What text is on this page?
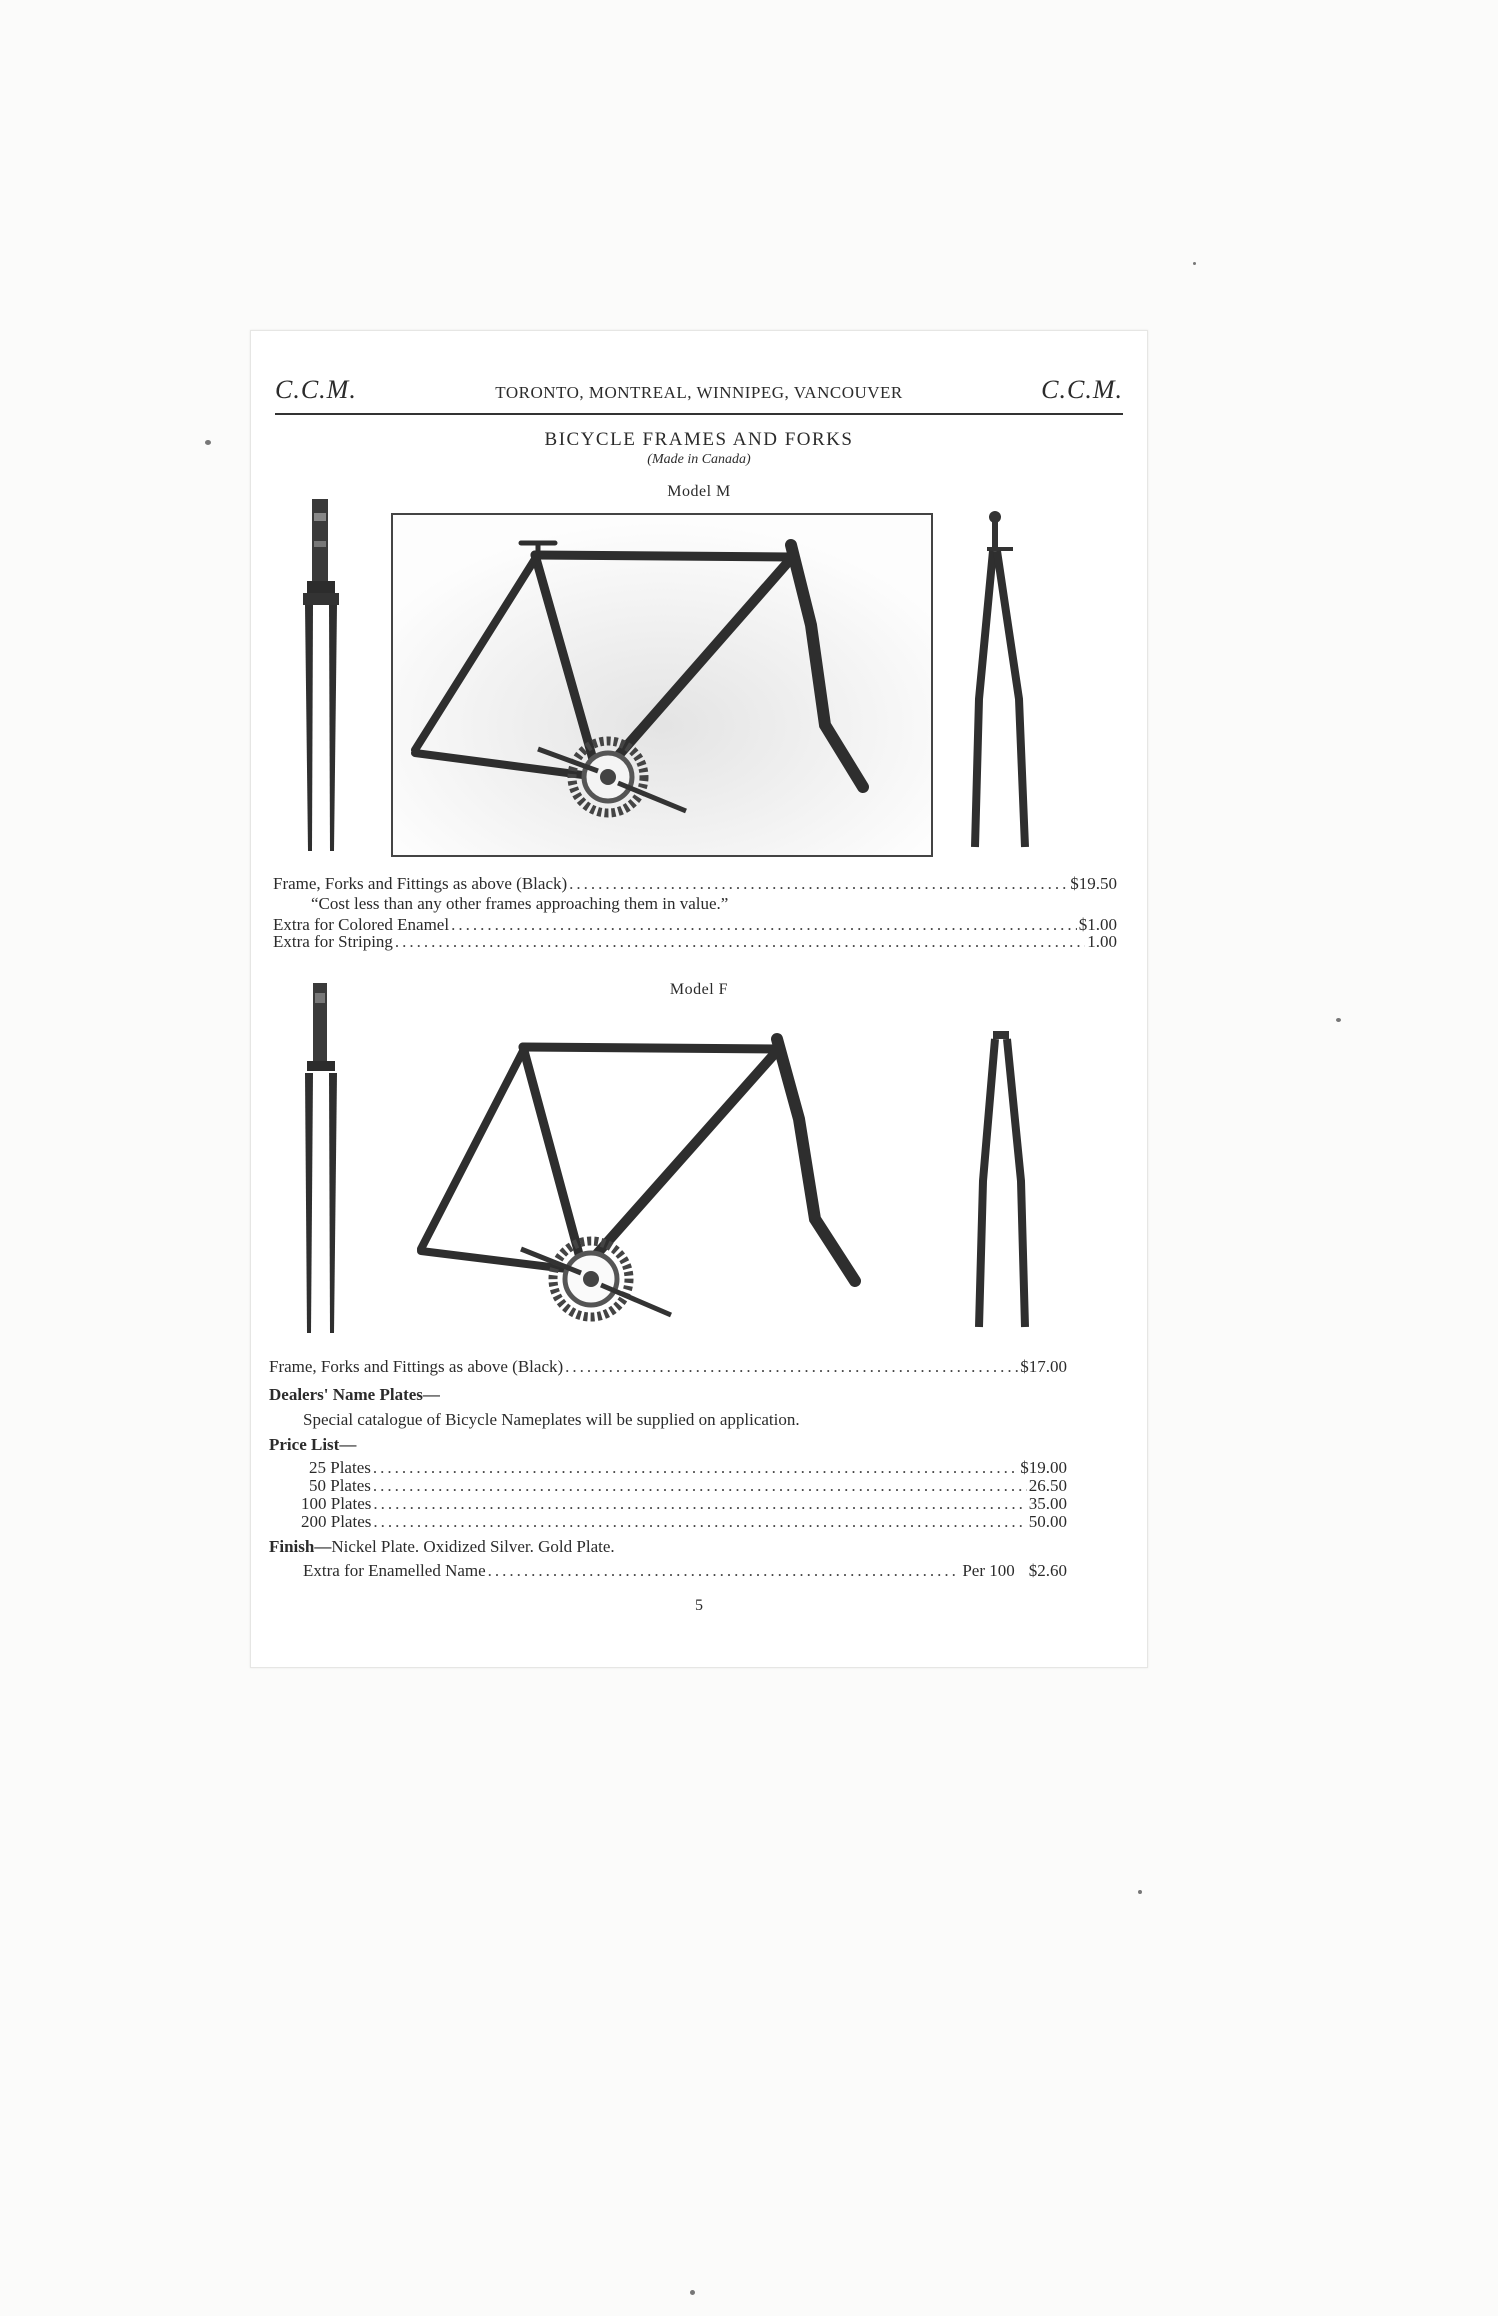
C.C.M.	TORONTO, MONTREAL, WINNIPEG, VANCOUVER	C.C.M.
BICYCLE FRAMES AND FORKS
(Made in Canada)
Model M
Frame, Forks and Fittings as above (Black) .....	$19.50
“Cost less than any other frames approaching them in value.”
Extra for Colored Enamel .....	$1.00
Extra for Striping .....	1.00
Model F
Frame, Forks and Fittings as above (Black) .....	$17.00
Dealers' Name Plates—
Special catalogue of Bicycle Nameplates will be supplied on application.
Price List—
25 Plates .....	$19.00
50 Plates .....	26.50
100 Plates .....	35.00
200 Plates .....	50.00
Finish—Nickel Plate. Oxidized Silver. Gold Plate.
Extra for Enamelled Name .....	Per 100 $2.60
5
